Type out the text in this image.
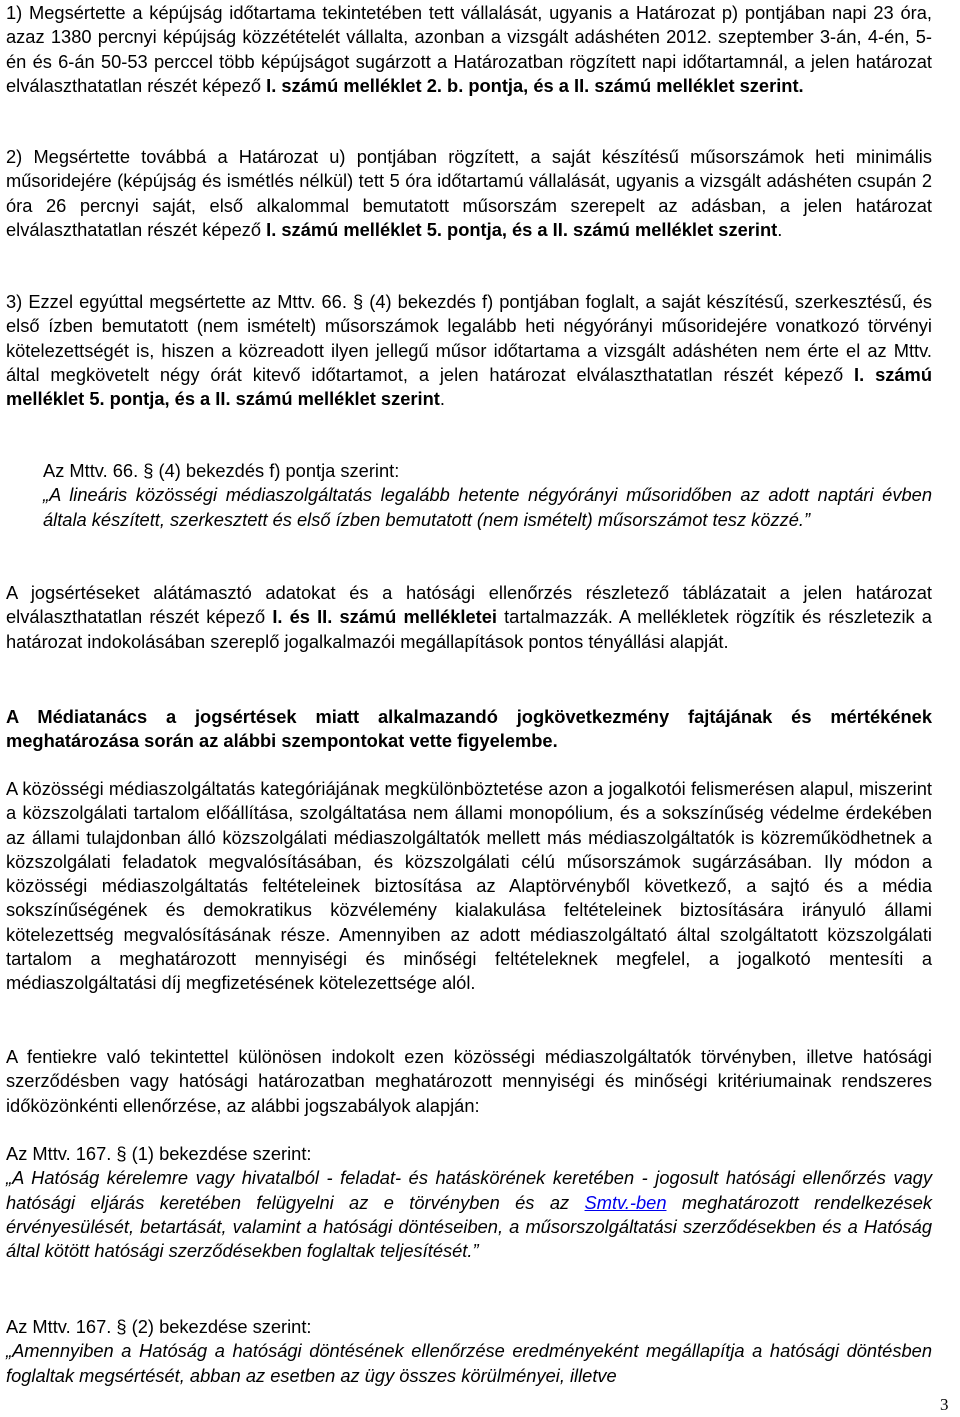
1) Megsértette a képújság időtartama tekintetében tett vállalását, ugyanis a Határozat p) pontjában napi 23 óra, azaz 1380 percnyi képújság közzétételét vállalta, azonban a vizsgált adáshéten 2012. szeptember 3-án, 4-én, 5-én és 6-án 50-53 perccel több képújságot sugárzott a Határozatban rögzített napi időtartamnál, a jelen határozat elválaszthatatlan részét képező I. számú melléklet 2. b. pontja, és a II. számú melléklet szerint.

2) Megsértette továbbá a Határozat u) pontjában rögzített, a saját készítésű műsorszámok heti minimális műsoridejére (képújság és ismétlés nélkül) tett 5 óra időtartamú vállalását, ugyanis a vizsgált adáshéten csupán 2 óra 26 percnyi saját, első alkalommal bemutatott műsorszám szerepelt az adásban, a jelen határozat elválaszthatatlan részét képező I. számú melléklet 5. pontja, és a II. számú melléklet szerint.

3) Ezzel egyúttal megsértette az Mttv. 66. § (4) bekezdés f) pontjában foglalt, a saját készítésű, szerkesztésű, és első ízben bemutatott (nem ismételt) műsorszámok legalább heti négyórányi műsoridejére vonatkozó törvényi kötelezettségét is, hiszen a közreadott ilyen jellegű műsor időtartama a vizsgált adáshéten nem érte el az Mttv. által megkövetelt négy órát kitevő időtartamot, a jelen határozat elválaszthatatlan részét képező I. számú melléklet 5. pontja, és a II. számú melléklet szerint.

Az Mttv. 66. § (4) bekezdés f) pontja szerint:

„A lineáris közösségi médiaszolgáltatás legalább hetente négyórányi műsoridőben az adott naptári évben általa készített, szerkesztett és első ízben bemutatott (nem ismételt) műsorszámot tesz közzé.”

A jogsértéseket alátámasztó adatokat és a hatósági ellenőrzés részletező táblázatait a jelen határozat elválaszthatatlan részét képező I. és II. számú mellékletei tartalmazzák. A mellékletek rögzítik és részletezik a határozat indokolásában szereplő jogalkalmazói megállapítások pontos tényállási alapját.

A Médiatanács a jogsértések miatt alkalmazandó jogkövetkezmény fajtájának és mértékének meghatározása során az alábbi szempontokat vette figyelembe.

A közösségi médiaszolgáltatás kategóriájának megkülönböztetése azon a jogalkotói felismerésen alapul, miszerint a közszolgálati tartalom előállítása, szolgáltatása nem állami monopólium, és a sokszínűség védelme érdekében az állami tulajdonban álló közszolgálati médiaszolgáltatók mellett más médiaszolgáltatók is közreműködhetnek a közszolgálati feladatok megvalósításában, és közszolgálati célú műsorszámok sugárzásában. Ily módon a közösségi médiaszolgáltatás feltételeinek biztosítása az Alaptörvényből következő, a sajtó és a média sokszínűségének és demokratikus közvélemény kialakulása feltételeinek biztosítására irányuló állami kötelezettség megvalósításának része. Amennyiben az adott médiaszolgáltató által szolgáltatott közszolgálati tartalom a meghatározott mennyiségi és minőségi feltételeknek megfelel, a jogalkotó mentesíti a médiaszolgáltatási díj megfizetésének kötelezettsége alól.

A fentiekre való tekintettel különösen indokolt ezen közösségi médiaszolgáltatók törvényben, illetve hatósági szerződésben vagy hatósági határozatban meghatározott mennyiségi és minőségi kritériumainak rendszeres időközönkénti ellenőrzése, az alábbi jogszabályok alapján:

Az Mttv. 167. § (1) bekezdése szerint:

„A Hatóság kérelemre vagy hivatalból - feladat- és hatáskörének keretében - jogosult hatósági ellenőrzés vagy hatósági eljárás keretében felügyelni az e törvényben és az Smtv.-ben meghatározott rendelkezések érvényesülését, betartását, valamint a hatósági döntéseiben, a műsorszolgáltatási szerződésekben és a Hatóság által kötött hatósági szerződésekben foglaltak teljesítését.”

Az Mttv. 167. § (2) bekezdése szerint:

„Amennyiben a Hatóság a hatósági döntésének ellenőrzése eredményeként megállapítja a hatósági döntésben foglaltak megsértését, abban az esetben az ügy összes körülményei, illetve

3
